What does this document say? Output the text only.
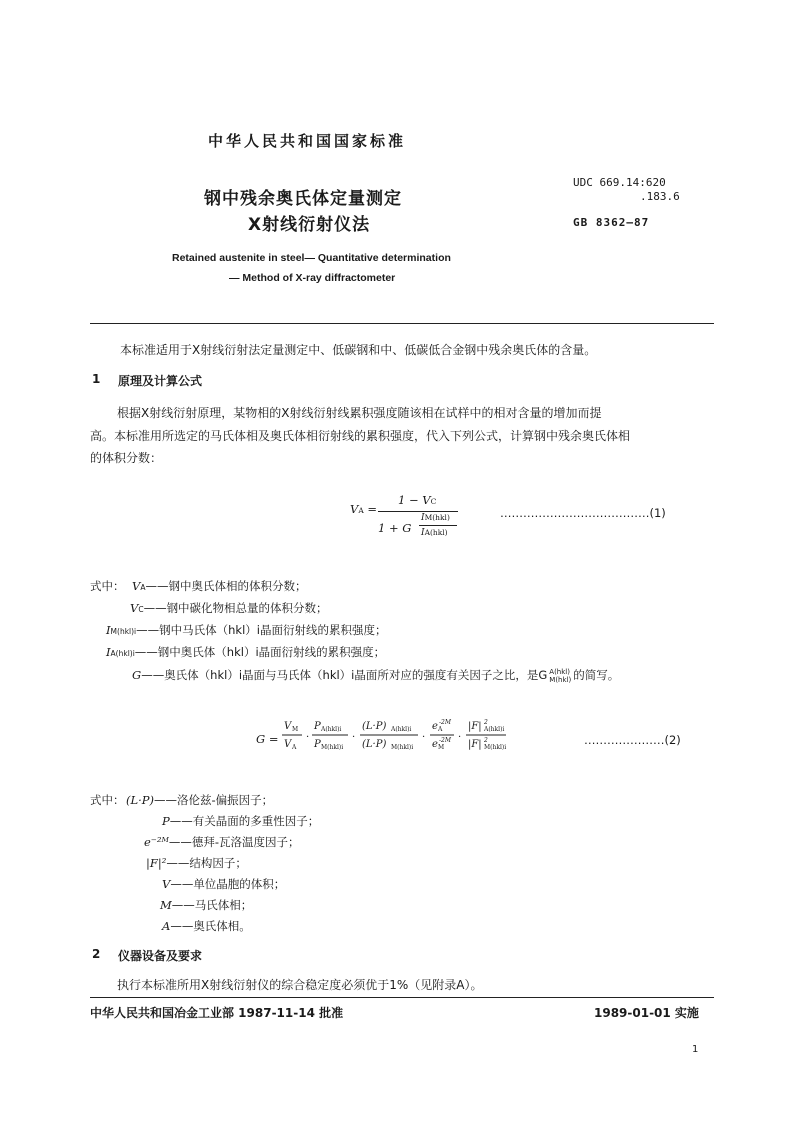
中华人民共和国国家标准
钢中残余奥氏体定量测定
X射线衍射仪法
UDC 669.14:620
.183.6
GB 8362—87
Retained austenite in steel— Quantitative determination
— Method of X-ray diffractometer
本标准适用于X射线衍射法定量测定中、低碳钢和中、低碳低合金钢中残余奥氏体的含量。
1 原理及计算公式
根据X射线衍射原理，某物相的X射线衍射线累积强度随该相在试样中的相对含量的增加而提
高。本标准用所选定的马氏体相及奥氏体相衍射线的累积强度，代入下列公式，计算钢中残余奥氏体相
的体积分数：
VA =
1 − VC
1 + G
IM(hkl)
IA(hkl)
…………………………………(1)
式中： VA——钢中奥氏体相的体积分数；
VC——钢中碳化物相总量的体积分数；
IM(hkl)i——钢中马氏体（hkl）i晶面衍射线的累积强度；
IA(hkl)i——钢中奥氏体（hkl）i晶面衍射线的累积强度；
G——奥氏体（hkl）i晶面与马氏体（hkl）i晶面所对应的强度有关因子之比，是G A(hkl)
M(hkl) 的简写。
G =
V M
V A
·
P A(hkl)i
P M(hkl)i
·
(L·P) A(hkl)i
(L·P) M(hkl)i
·
e A
-2M
e M
-2M ·
|F| A(hkl)i
2
|F| M(hkl)i
2	…………………(2)
式中： (L·P)——洛伦兹-偏振因子；
P——有关晶面的多重性因子；
e⁻²ᴹ——德拜-瓦洛温度因子；
|F|²——结构因子；
V——单位晶胞的体积；
M——马氏体相；
A——奥氏体相。
2 仪器设备及要求
执行本标准所用X射线衍射仪的综合稳定度必须优于1%（见附录A）。
中华人民共和国冶金工业部 1987-11-14 批准	1989-01-01 实施
1
